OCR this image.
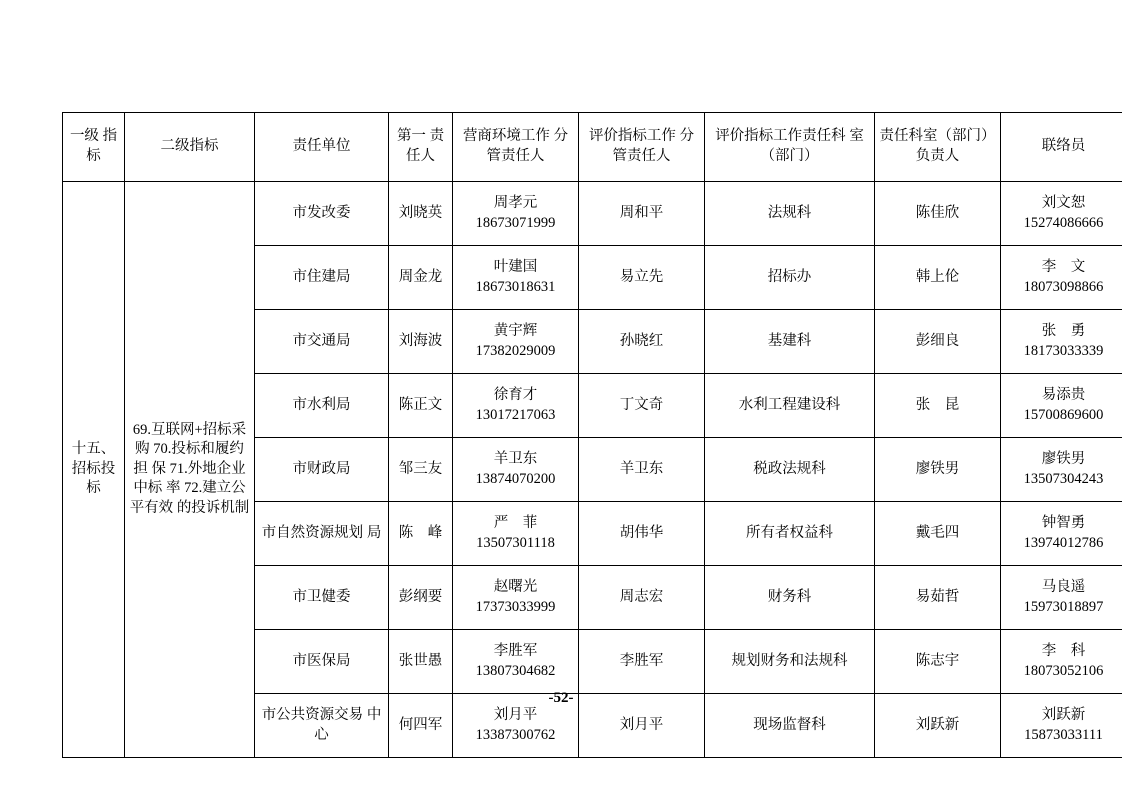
一级 指标	二级指标	责任单位	第一 责任人	营商环境工作 分管责任人	评价指标工作 分管责任人	评价指标工作责任科 室（部门）	责任科室（部门） 负责人	联络员
十五、 招标投 标	69.互联网+招标采 购 70.投标和履约担 保 71.外地企业中标 率 72.建立公平有效 的投诉机制	市发改委	刘晓英	周孝元 18673071999	周和平	法规科	陈佳欣	刘文恕 15274086666
		市住建局	周金龙	叶建国 18673018631	易立先	招标办	韩上伦	李　文 18073098866
		市交通局	刘海波	黄宇辉 17382029009	孙晓红	基建科	彭细良	张　勇 18173033339
		市水利局	陈正文	徐育才 13017217063	丁文奇	水利工程建设科	张　昆	易添贵 15700869600
		市财政局	邹三友	羊卫东 13874070200	羊卫东	税政法规科	廖铁男	廖铁男 13507304243
		市自然资源规划 局	陈　峰	严　菲 13507301118	胡伟华	所有者权益科	戴毛四	钟智勇 13974012786
		市卫健委	彭纲要	赵曙光 17373033999	周志宏	财务科	易茹哲	马良遥 15973018897
		市医保局	张世愚	李胜军 13807304682	李胜军	规划财务和法规科	陈志宇	李　科 18073052106
		市公共资源交易 中心	何四军	刘月平 13387300762	刘月平	现场监督科	刘跃新	刘跃新 15873033111
-52-
